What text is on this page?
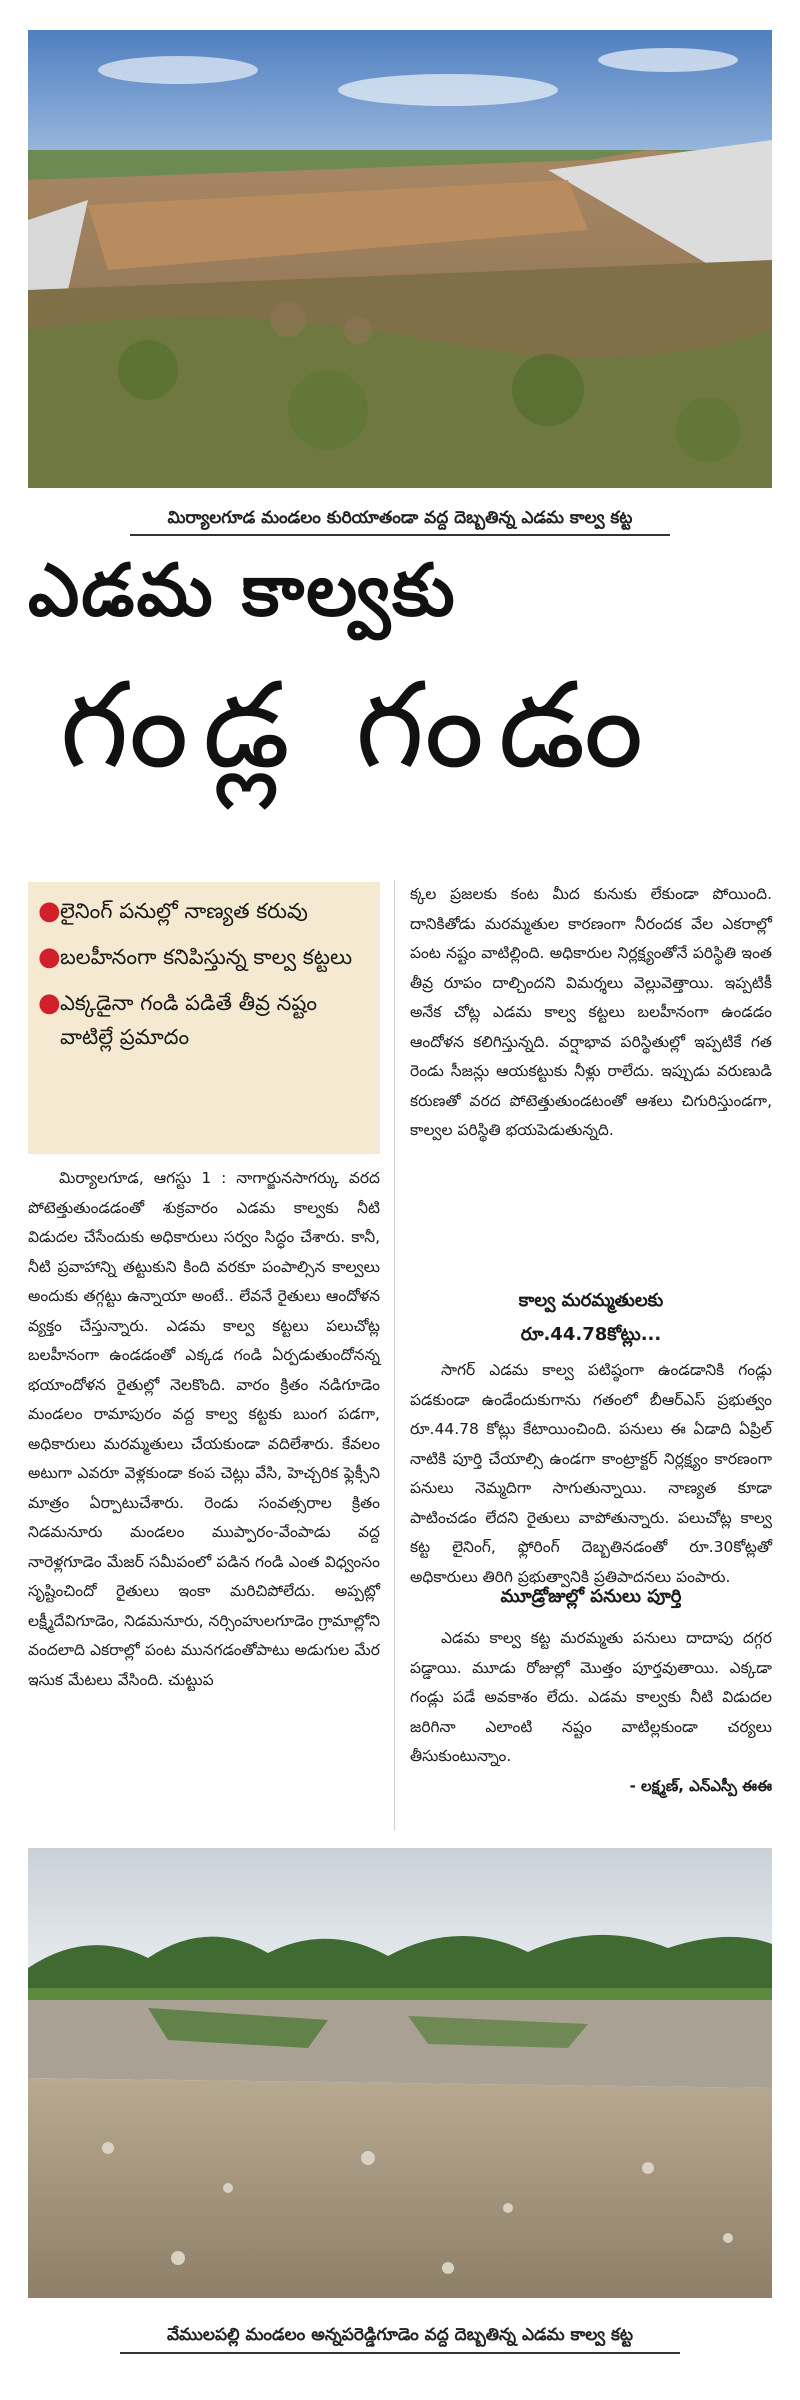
మిర్యాలగూడ మండలం కురియాతండా వద్ద దెబ్బతిన్న ఎడమ కాల్వ కట్ట
ఎడమ కాల్వకు
గండ్ల గండం
● లైనింగ్ పనుల్లో నాణ్యత కరువు
● బలహీనంగా కనిపిస్తున్న కాల్వ కట్టలు
● ఎక్కడైనా గండి పడితే తీవ్ర నష్టం వాటిల్లే ప్రమాదం

మిర్యాలగూడ, ఆగస్టు 1 : నాగార్జునసాగర్కు వరద పోటెత్తుతుండడంతో శుక్రవారం ఎడమ కాల్వకు నీటి విడుదల చేసేందుకు అధికారులు సర్వం సిద్ధం చేశారు. కానీ, నీటి ప్రవాహాన్ని తట్టుకుని కింది వరకూ పంపాల్సిన కాల్వలు అందుకు తగ్గట్టు ఉన్నాయా అంటే.. లేవనే రైతులు ఆందోళన వ్యక్తం చేస్తున్నారు. ఎడమ కాల్వ కట్టలు పలుచోట్ల బలహీనంగా ఉండడంతో ఎక్కడ గండి ఏర్పడుతుందోనన్న భయాందోళన రైతుల్లో నెలకొంది. వారం క్రితం నడిగూడెం మండలం రామాపురం వద్ద కాల్వ కట్టకు బుంగ పడగా, అధికారులు మరమ్మతులు చేయకుండా వదిలేశారు. కేవలం అటుగా ఎవరూ వెళ్లకుండా కంప చెట్లు వేసి, హెచ్చరిక ఫ్లెక్సీని మాత్రం ఏర్పాటుచేశారు. రెండు సంవత్సరాల క్రితం నిడమనూరు మండలం ముప్పారం-వేంపాడు వద్ద నారెళ్లగూడెం మేజర్ సమీపంలో పడిన గండి ఎంత విధ్వంసం సృష్టించిందో రైతులు ఇంకా మరిచిపోలేదు. అప్పట్లో లక్ష్మీదేవిగూడెం, నిడమనూరు, నర్సింహులగూడెం గ్రామాల్లోని వందలాది ఎకరాల్లో పంట మునగడంతోపాటు అడుగుల మేర ఇసుక మేటలు వేసింది. చుట్టుప

క్కల ప్రజలకు కంట మీద కునుకు లేకుండా పోయింది. దానికితోడు మరమ్మతుల కారణంగా నీరందక వేల ఎకరాల్లో పంట నష్టం వాటిల్లింది. అధికారుల నిర్లక్ష్యంతోనే పరిస్థితి ఇంత తీవ్ర రూపం దాల్చిందని విమర్శలు వెల్లువెత్తాయి. ఇప్పటికీ అనేక చోట్ల ఎడమ కాల్వ కట్టలు బలహీనంగా ఉండడం ఆందోళన కలిగిస్తున్నది. వర్షాభావ పరిస్థితుల్లో ఇప్పటికే గత రెండు సీజన్లు ఆయకట్టుకు నీళ్లు రాలేదు. ఇప్పుడు వరుణుడి కరుణతో వరద పోటెత్తుతుండటంతో ఆశలు చిగురిస్తుండగా, కాల్వల పరిస్థితి భయపెడుతున్నది.

కాల్వ మరమ్మతులకు
రూ.44.78కోట్లు...

సాగర్ ఎడమ కాల్వ పటిష్ఠంగా ఉండడానికి గండ్లు పడకుండా ఉండేందుకుగాను గతంలో బీఆర్ఎస్ ప్రభుత్వం రూ.44.78 కోట్లు కేటాయించింది. పనులు ఈ ఏడాది ఏప్రిల్ నాటికి పూర్తి చేయాల్సి ఉండగా కాంట్రాక్టర్ నిర్లక్ష్యం కారణంగా పనులు నెమ్మదిగా సాగుతున్నాయి. నాణ్యత కూడా పాటించడం లేదని రైతులు వాపోతున్నారు. పలుచోట్ల కాల్వ కట్ట లైనింగ్, ఫ్లోరింగ్ దెబ్బతినడంతో రూ.30కోట్లతో అధికారులు తిరిగి ప్రభుత్వానికి ప్రతిపాదనలు పంపారు.

మూడ్రోజుల్లో పనులు పూర్తి

ఎడమ కాల్వ కట్ట మరమ్మతు పనులు దాదాపు దగ్గర పడ్డాయి. మూడు రోజుల్లో మొత్తం పూర్తవుతాయి. ఎక్కడా గండ్లు పడే అవకాశం లేదు. ఎడమ కాల్వకు నీటి విడుదల జరిగినా ఎలాంటి నష్టం వాటిల్లకుండా చర్యలు తీసుకుంటున్నాం.

- లక్ష్మణ్, ఎన్ఎస్పీ ఈఈ
వేములపల్లి మండలం అన్నపరెడ్డిగూడెం వద్ద దెబ్బతిన్న ఎడమ కాల్వ కట్ట
